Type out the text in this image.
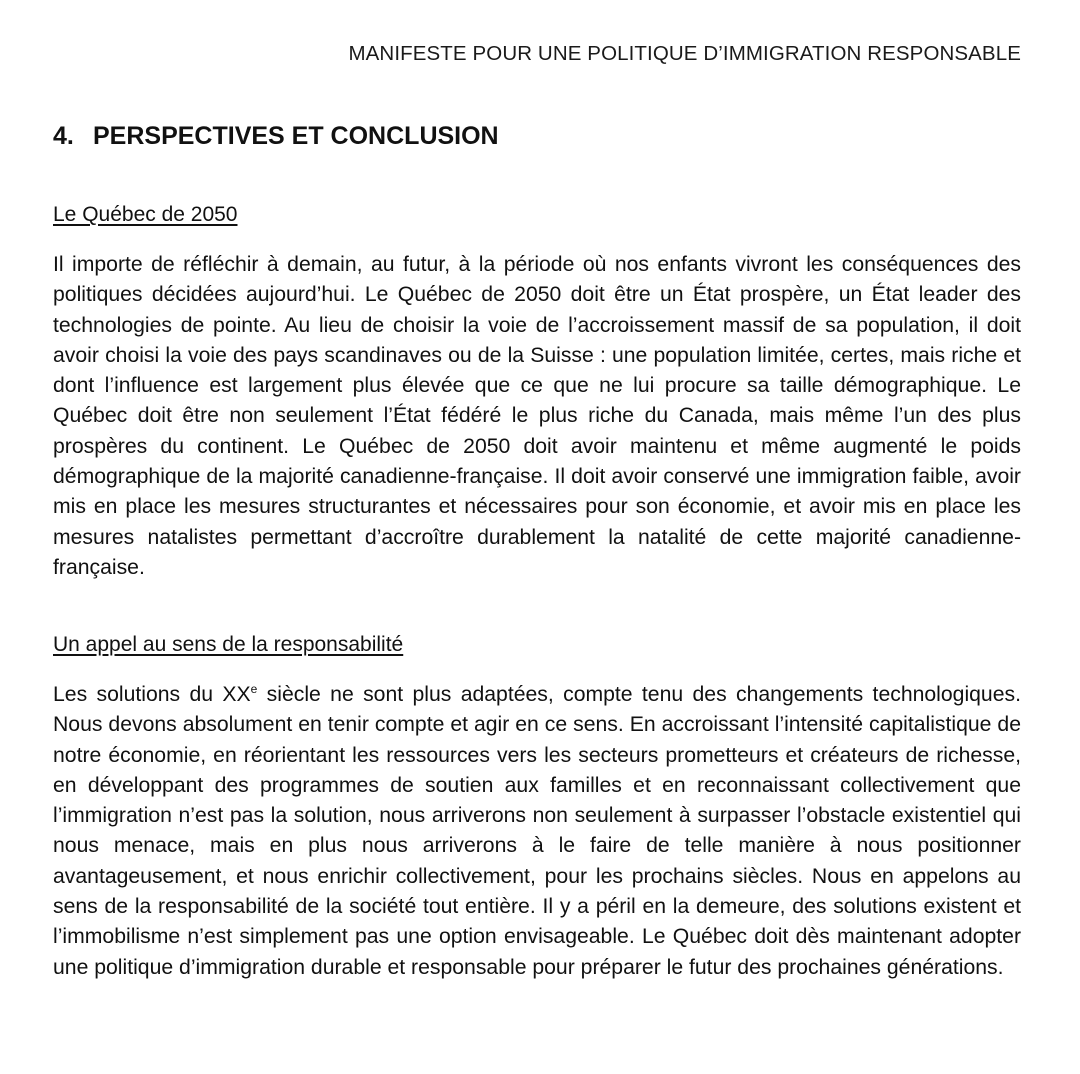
MANIFESTE POUR UNE POLITIQUE D’IMMIGRATION RESPONSABLE
4. PERSPECTIVES ET CONCLUSION
Le Québec de 2050

Il importe de réfléchir à demain, au futur, à la période où nos enfants vivront les conséquences des politiques décidées aujourd’hui. Le Québec de 2050 doit être un État prospère, un État leader des technologies de pointe. Au lieu de choisir la voie de l’accroissement massif de sa population, il doit avoir choisi la voie des pays scandinaves ou de la Suisse : une population limitée, certes, mais riche et dont l’influence est largement plus élevée que ce que ne lui procure sa taille démographique. Le Québec doit être non seulement l’État fédéré le plus riche du Canada, mais même l’un des plus prospères du continent. Le Québec de 2050 doit avoir maintenu et même augmenté le poids démographique de la majorité canadienne-française. Il doit avoir conservé une immigration faible, avoir mis en place les mesures structurantes et nécessaires pour son économie, et avoir mis en place les mesures natalistes permettant d’accroître durablement la natalité de cette majorité canadienne-française.

Un appel au sens de la responsabilité

Les solutions du XXe siècle ne sont plus adaptées, compte tenu des changements technologiques. Nous devons absolument en tenir compte et agir en ce sens. En accroissant l’intensité capitalistique de notre économie, en réorientant les ressources vers les secteurs prometteurs et créateurs de richesse, en développant des programmes de soutien aux familles et en reconnaissant collectivement que l’immigration n’est pas la solution, nous arriverons non seulement à surpasser l’obstacle existentiel qui nous menace, mais en plus nous arriverons à le faire de telle manière à nous positionner avantageusement, et nous enrichir collectivement, pour les prochains siècles. Nous en appelons au sens de la responsabilité de la société tout entière. Il y a péril en la demeure, des solutions existent et l’immobilisme n’est simplement pas une option envisageable. Le Québec doit dès maintenant adopter une politique d’immigration durable et responsable pour préparer le futur des prochaines générations.
